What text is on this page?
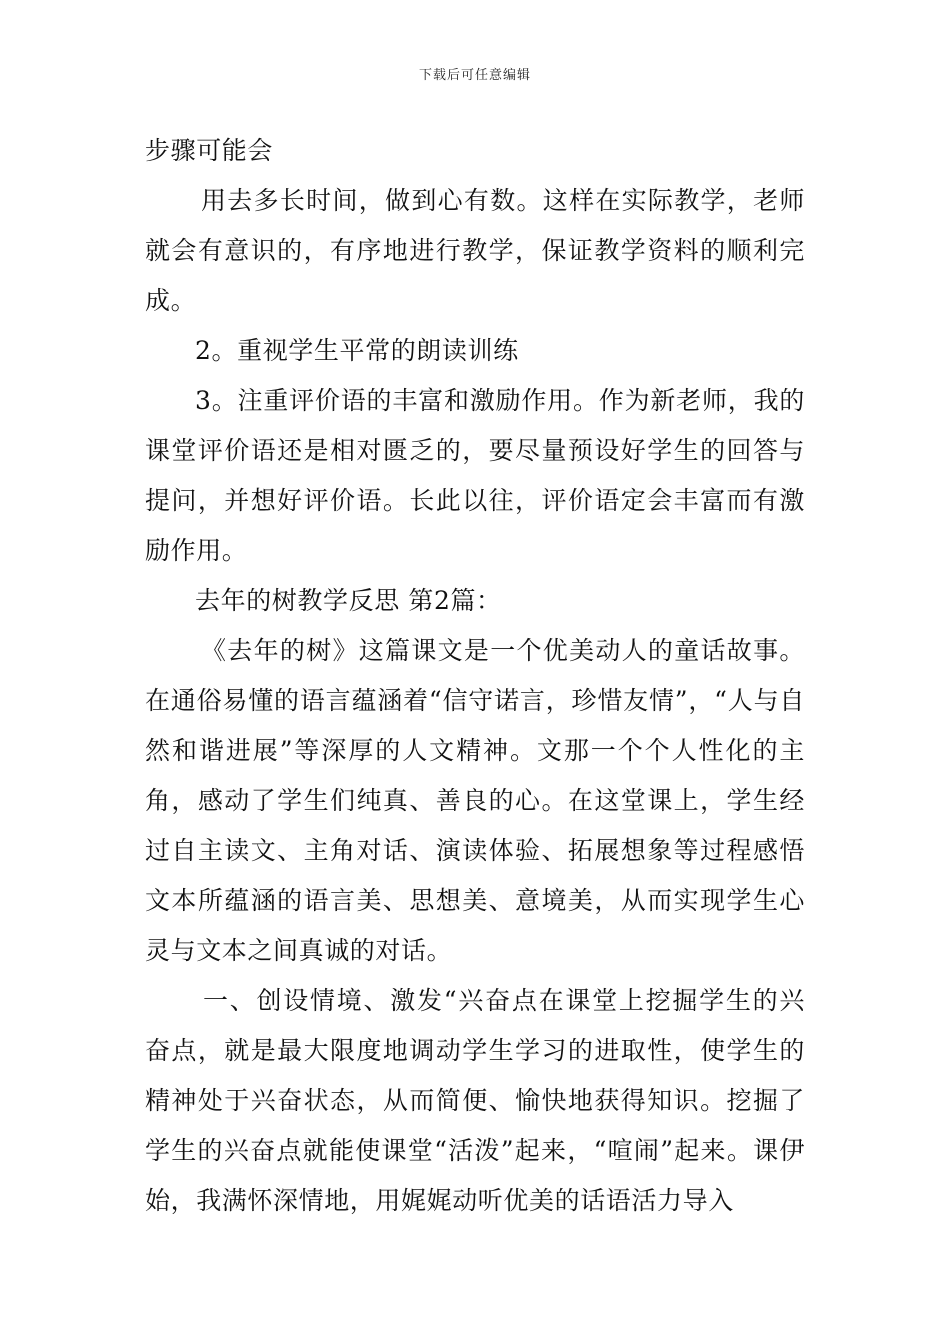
下载后可任意编辑

步骤可能会

用去多长时间，做到心有数。这样在实际教学，老师就会有意识的，有序地进行教学，保证教学资料的顺利完成。

2。重视学生平常的朗读训练

3。注重评价语的丰富和激励作用。作为新老师，我的课堂评价语还是相对匮乏的，要尽量预设好学生的回答与提问，并想好评价语。长此以往，评价语定会丰富而有激励作用。

去年的树教学反思 第2篇：

《去年的树》这篇课文是一个优美动人的童话故事。在通俗易懂的语言蕴涵着“信守诺言，珍惜友情”，“人与自然和谐进展”等深厚的人文精神。文那一个个人性化的主角，感动了学生们纯真、善良的心。在这堂课上，学生经过自主读文、主角对话、演读体验、拓展想象等过程感悟文本所蕴涵的语言美、思想美、意境美，从而实现学生心灵与文本之间真诚的对话。

一、创设情境、激发“兴奋点在课堂上挖掘学生的兴奋点，就是最大限度地调动学生学习的进取性，使学生的精神处于兴奋状态，从而简便、愉快地获得知识。挖掘了学生的兴奋点就能使课堂“活泼”起来，“喧闹”起来。课伊始，我满怀深情地，用娓娓动听优美的话语活力导入
